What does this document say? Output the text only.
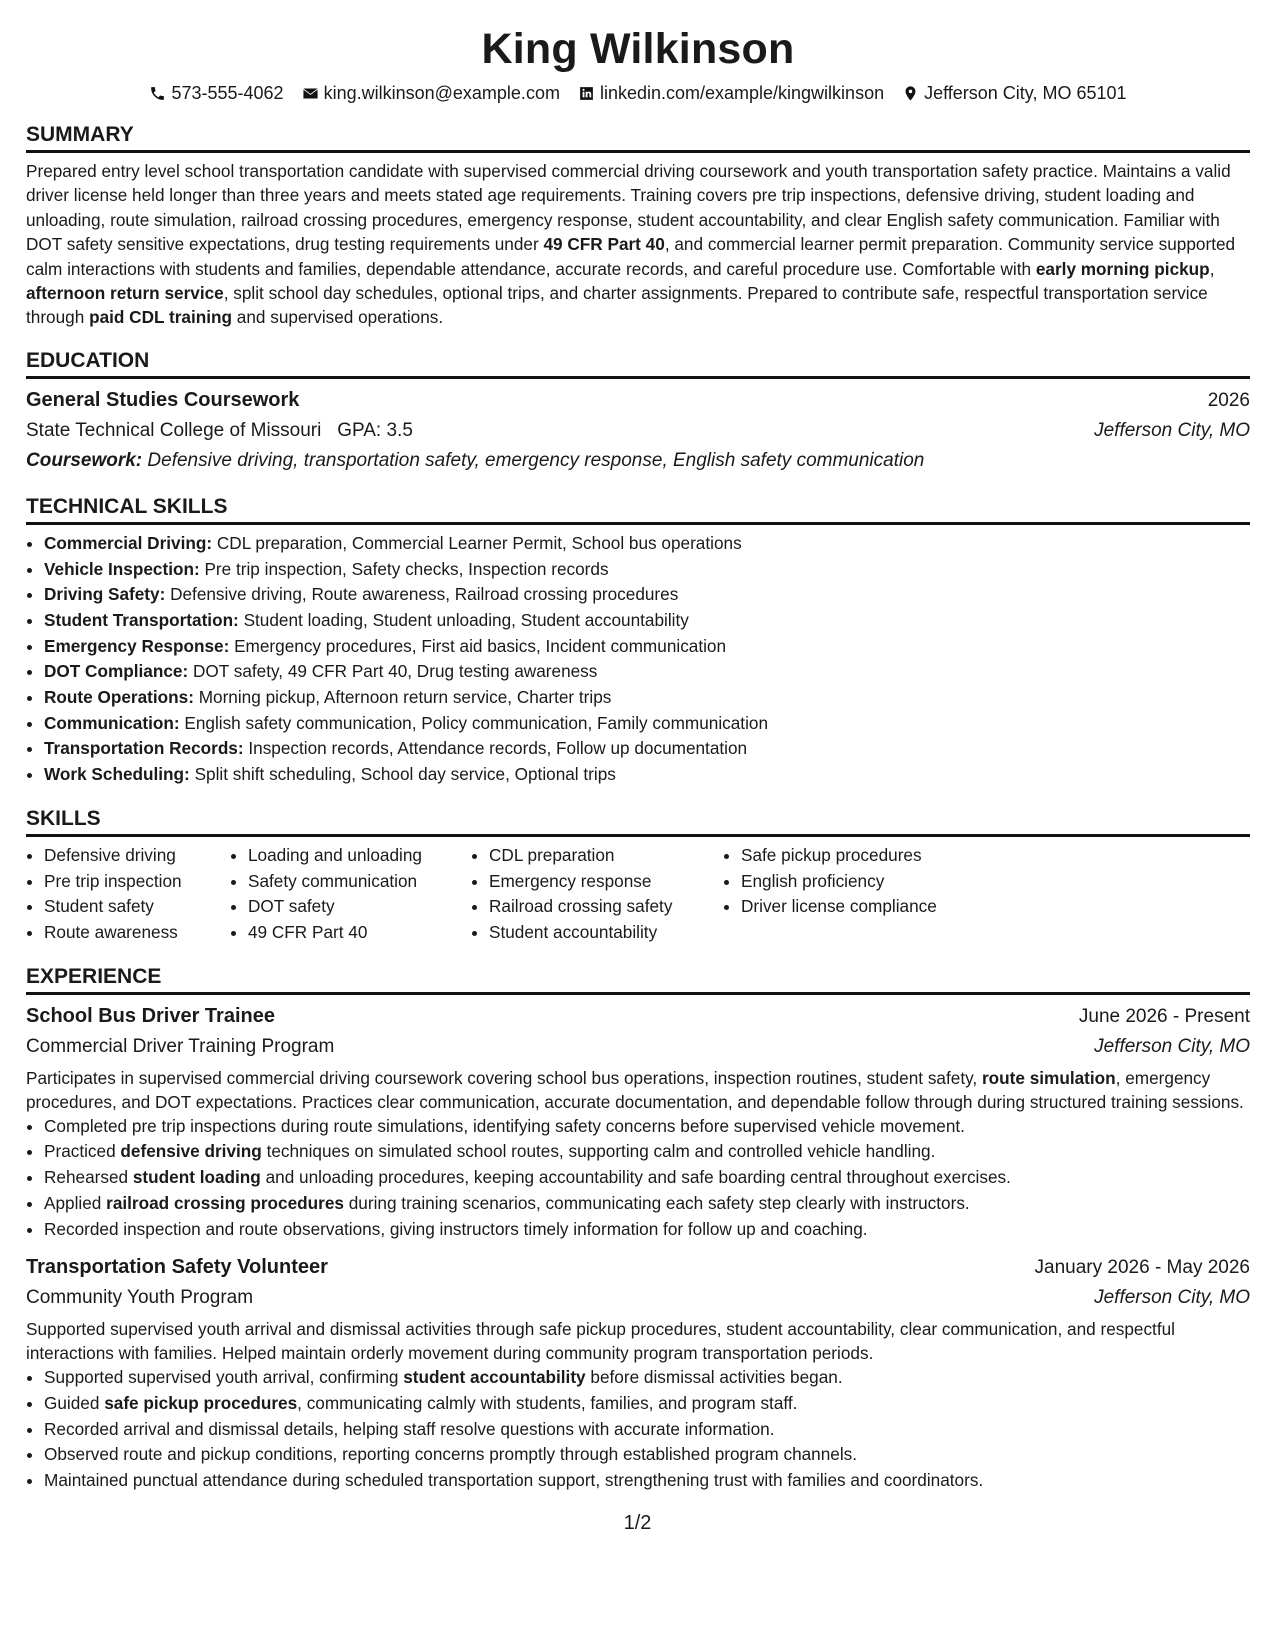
King Wilkinson
573-555-4062 king.wilkinson@example.com linkedin.com/example/kingwilkinson Jefferson City, MO 65101
SUMMARY

Prepared entry level school transportation candidate with supervised commercial driving coursework and youth transportation safety practice. Maintains a valid driver license held longer than three years and meets stated age requirements. Training covers pre trip inspections, defensive driving, student loading and unloading, route simulation, railroad crossing procedures, emergency response, student accountability, and clear English safety communication. Familiar with DOT safety sensitive expectations, drug testing requirements under 49 CFR Part 40, and commercial learner permit preparation. Community service supported calm interactions with students and families, dependable attendance, accurate records, and careful procedure use. Comfortable with early morning pickup, afternoon return service, split school day schedules, optional trips, and charter assignments. Prepared to contribute safe, respectful transportation service through paid CDL training and supervised operations.

EDUCATION
General Studies Coursework	2026
State Technical College of Missouri GPA: 3.5	Jefferson City, MO
Coursework: Defensive driving, transportation safety, emergency response, English safety communication
TECHNICAL SKILLS
• Commercial Driving: CDL preparation, Commercial Learner Permit, School bus operations
• Vehicle Inspection: Pre trip inspection, Safety checks, Inspection records
• Driving Safety: Defensive driving, Route awareness, Railroad crossing procedures
• Student Transportation: Student loading, Student unloading, Student accountability
• Emergency Response: Emergency procedures, First aid basics, Incident communication
• DOT Compliance: DOT safety, 49 CFR Part 40, Drug testing awareness
• Route Operations: Morning pickup, Afternoon return service, Charter trips
• Communication: English safety communication, Policy communication, Family communication
• Transportation Records: Inspection records, Attendance records, Follow up documentation
• Work Scheduling: Split shift scheduling, School day service, Optional trips
SKILLS
• Defensive driving
• Pre trip inspection
• Student safety
• Route awareness
• Loading and unloading
• Safety communication
• DOT safety
• 49 CFR Part 40
• CDL preparation
• Emergency response
• Railroad crossing safety
• Student accountability
• Safe pickup procedures
• English proficiency
• Driver license compliance
EXPERIENCE
School Bus Driver Trainee	June 2026 - Present
Commercial Driver Training Program	Jefferson City, MO

Participates in supervised commercial driving coursework covering school bus operations, inspection routines, student safety, route simulation, emergency procedures, and DOT expectations. Practices clear communication, accurate documentation, and dependable follow through during structured training sessions.

• Completed pre trip inspections during route simulations, identifying safety concerns before supervised vehicle movement.
• Practiced defensive driving techniques on simulated school routes, supporting calm and controlled vehicle handling.
• Rehearsed student loading and unloading procedures, keeping accountability and safe boarding central throughout exercises.
• Applied railroad crossing procedures during training scenarios, communicating each safety step clearly with instructors.
• Recorded inspection and route observations, giving instructors timely information for follow up and coaching.
Transportation Safety Volunteer	January 2026 - May 2026
Community Youth Program	Jefferson City, MO

Supported supervised youth arrival and dismissal activities through safe pickup procedures, student accountability, clear communication, and respectful interactions with families. Helped maintain orderly movement during community program transportation periods.

• Supported supervised youth arrival, confirming student accountability before dismissal activities began.
• Guided safe pickup procedures, communicating calmly with students, families, and program staff.
• Recorded arrival and dismissal details, helping staff resolve questions with accurate information.
• Observed route and pickup conditions, reporting concerns promptly through established program channels.
• Maintained punctual attendance during scheduled transportation support, strengthening trust with families and coordinators.
1/2
